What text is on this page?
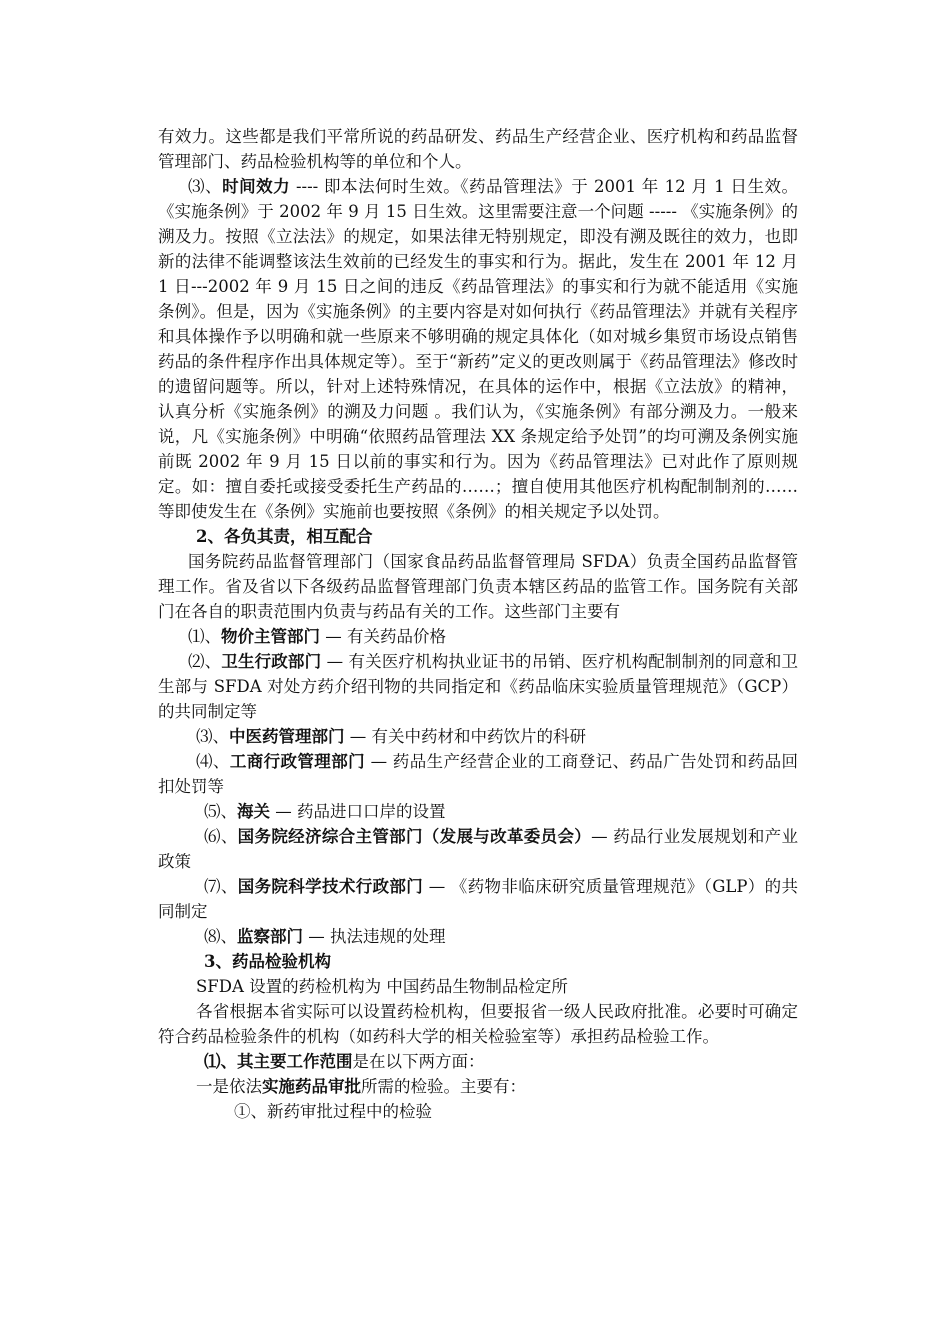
有效力。这些都是我们平常所说的药品研发、药品生产经营企业、医疗机构和药品监督管理部门、药品检验机构等的单位和个人。

⑶、时间效力 ---- 即本法何时生效。《药品管理法》于 2001 年 12 月 1 日生效。《实施条例》于 2002 年 9 月 15 日生效。这里需要注意一个问题 ----- 《实施条例》的溯及力。按照《立法法》的规定，如果法律无特别规定，即没有溯及既往的效力，也即新的法律不能调整该法生效前的已经发生的事实和行为。据此，发生在 2001 年 12 月 1 日---2002 年 9 月 15 日之间的违反《药品管理法》的事实和行为就不能适用《实施条例》。但是，因为《实施条例》的主要内容是对如何执行《药品管理法》并就有关程序和具体操作予以明确和就一些原来不够明确的规定具体化（如对城乡集贸市场设点销售药品的条件程序作出具体规定等）。至于“新药”定义的更改则属于《药品管理法》修改时的遗留问题等。所以，针对上述特殊情况，在具体的运作中，根据《立法放》的精神，认真分析《实施条例》的溯及力问题 。我们认为，《实施条例》有部分溯及力。一般来说，凡《实施条例》中明确“依照药品管理法 XX 条规定给予处罚”的均可溯及条例实施前既 2002 年 9 月 15 日以前的事实和行为。因为《药品管理法》已对此作了原则规定。如：擅自委托或接受委托生产药品的……；擅自使用其他医疗机构配制制剂的……等即使发生在《条例》实施前也要按照《条例》的相关规定予以处罚。

2、各负其责，相互配合

国务院药品监督管理部门（国家食品药品监督管理局 SFDA）负责全国药品监督管理工作。省及省以下各级药品监督管理部门负责本辖区药品的监管工作。国务院有关部门在各自的职责范围内负责与药品有关的工作。这些部门主要有

⑴、物价主管部门 — 有关药品价格

⑵、卫生行政部门 — 有关医疗机构执业证书的吊销、医疗机构配制制剂的同意和卫生部与 SFDA 对处方药介绍刊物的共同指定和《药品临床实验质量管理规范》（GCP）的共同制定等

⑶、中医药管理部门 — 有关中药材和中药饮片的科研

⑷、工商行政管理部门 — 药品生产经营企业的工商登记、药品广告处罚和药品回扣处罚等

⑸、海关 — 药品进口口岸的设置

⑹、国务院经济综合主管部门（发展与改革委员会）— 药品行业发展规划和产业政策

⑺、国务院科学技术行政部门 — 《药物非临床研究质量管理规范》（GLP）的共同制定

⑻、监察部门 — 执法违规的处理

3、药品检验机构

SFDA 设置的药检机构为 中国药品生物制品检定所

各省根据本省实际可以设置药检机构，但要报省一级人民政府批准。必要时可确定符合药品检验条件的机构（如药科大学的相关检验室等）承担药品检验工作。

⑴、其主要工作范围是在以下两方面：

一是依法实施药品审批所需的检验。主要有：

①、新药审批过程中的检验
